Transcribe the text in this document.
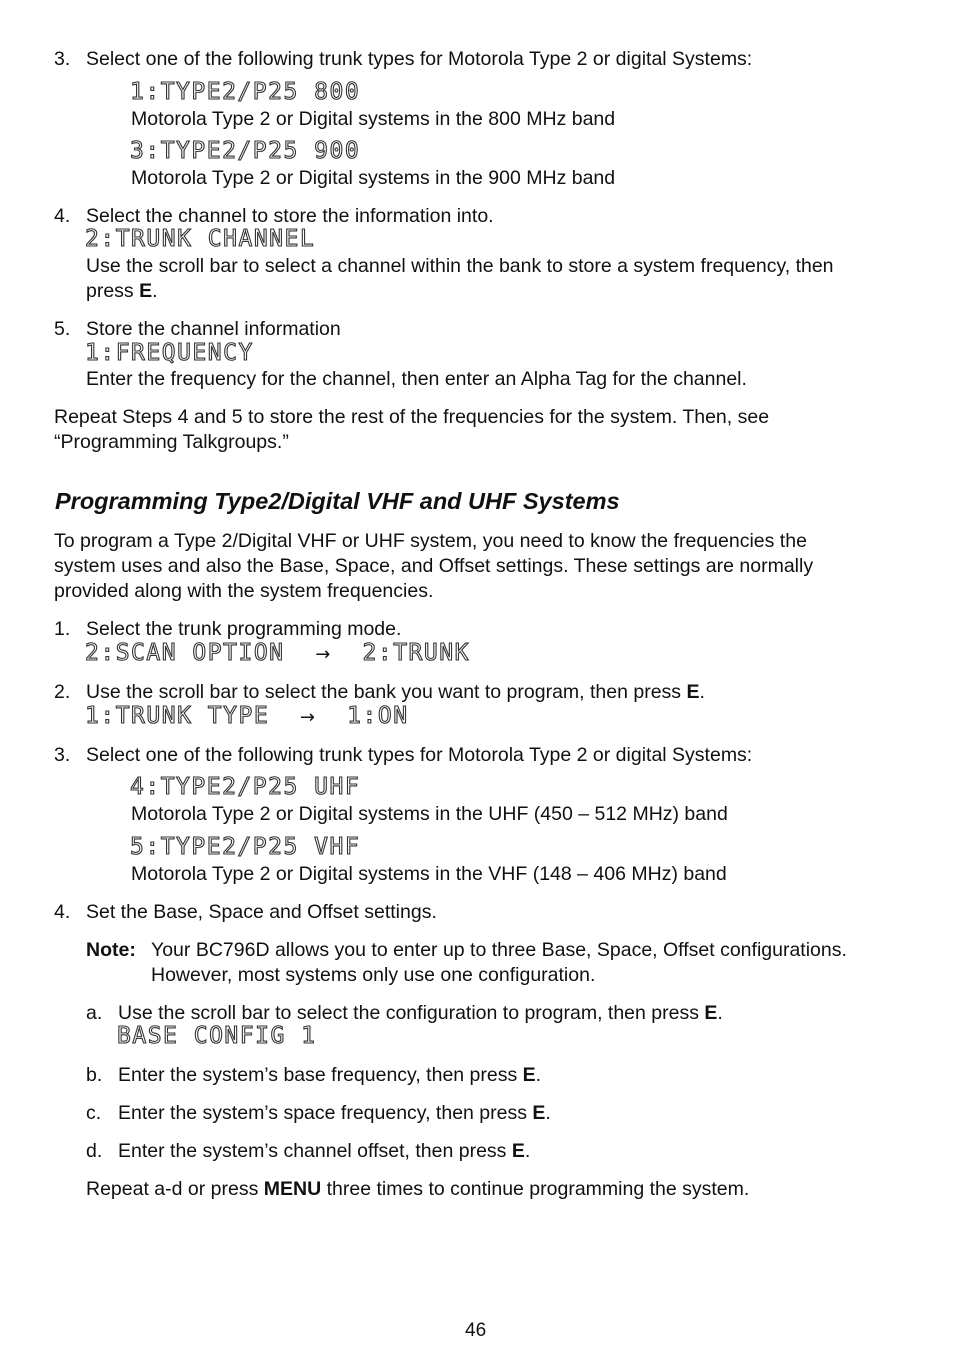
3. Select one of the following trunk types for Motorola Type 2 or digital Systems:
1:TYPE2/P25 800
Motorola Type 2 or Digital systems in the 800 MHz band
3:TYPE2/P25 900
Motorola Type 2 or Digital systems in the 900 MHz band
4. Select the channel to store the information into.
2:TRUNK CHANNEL
Use the scroll bar to select a channel within the bank to store a system frequency, then
press E.
5. Store the channel information
1:FREQUENCY
Enter the frequency for the channel, then enter an Alpha Tag for the channel.
Repeat Steps 4 and 5 to store the rest of the frequencies for the system. Then, see
“Programming Talkgroups.”
Programming Type2/Digital VHF and UHF Systems
To program a Type 2/Digital VHF or UHF system, you need to know the frequencies the
system uses and also the Base, Space, and Offset settings. These settings are normally
provided along with the system frequencies.
1. Select the trunk programming mode.
2:SCAN OPTION → 2:TRUNK
2. Use the scroll bar to select the bank you want to program, then press E.
1:TRUNK TYPE → 1:ON
3. Select one of the following trunk types for Motorola Type 2 or digital Systems:
4:TYPE2/P25 UHF
Motorola Type 2 or Digital systems in the UHF (450 – 512 MHz) band
5:TYPE2/P25 VHF
Motorola Type 2 or Digital systems in the VHF (148 – 406 MHz) band
4. Set the Base, Space and Offset settings.
Note: Your BC796D allows you to enter up to three Base, Space, Offset configurations.
However, most systems only use one configuration.
a. Use the scroll bar to select the configuration to program, then press E.
BASE CONFIG 1
b. Enter the system’s base frequency, then press E.
c. Enter the system’s space frequency, then press E.
d. Enter the system’s channel offset, then press E.
Repeat a-d or press MENU three times to continue programming the system.
46
